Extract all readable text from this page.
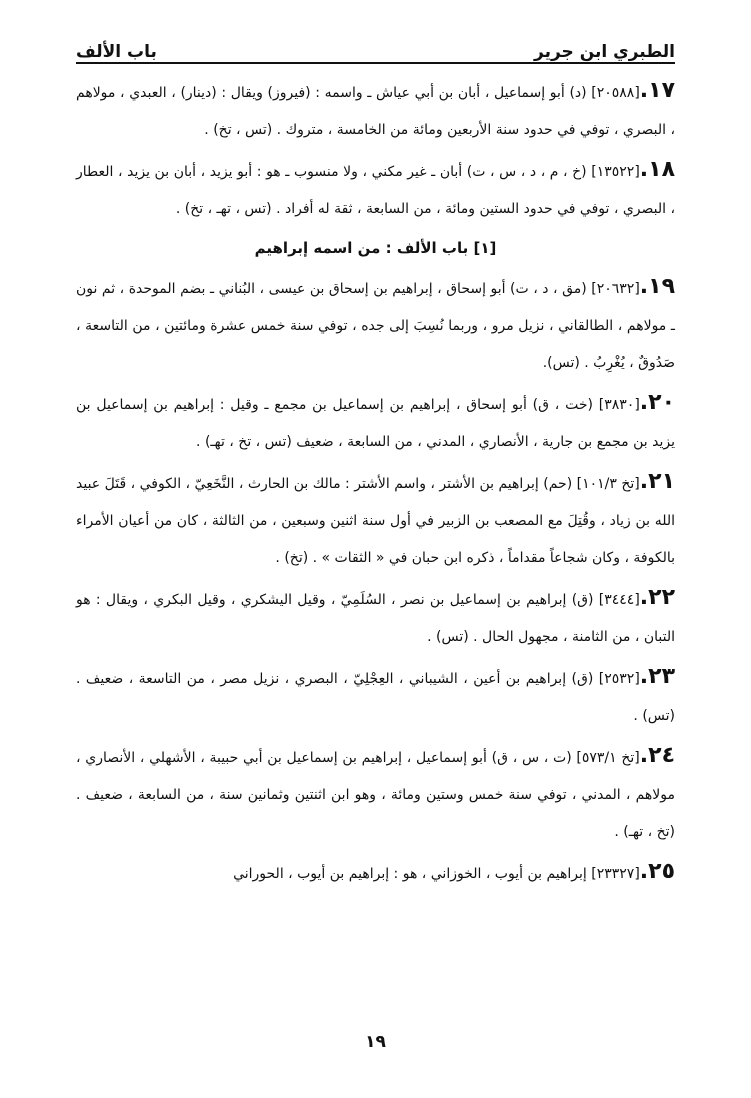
الطبري ابن جرير
باب الألف

١٧.[٢٠٥٨٨] (د) أبو إسماعيل ، أبان بن أبي عياش ـ واسمه : (فيروز) ويقال : (دينار) ، العبدي ، مولاهم ، البصري ، توفي في حدود سنة الأربعين ومائة من الخامسة ، متروك . (تس ، تخ) .

١٨.[١٣٥٢٢] (خ ، م ، د ، س ، ت) أبان ـ غير مكني ، ولا منسوب ـ هو : أبو يزيد ، أبان بن يزيد ، العطار ، البصري ، توفي في حدود الستين ومائة ، من السابعة ، ثقة له أفراد . (تس ، تهـ ، تخ) .

[١] باب الألف : من اسمه إبراهيم

١٩.[٢٠٦٣٢] (مق ، د ، ت) أبو إسحاق ، إبراهيم بن إسحاق بن عيسى ، البُناني ـ بضم الموحدة ، ثم نون ـ مولاهم ، الطالقاني ، نزيل مرو ، وربما نُسِبَ إلى جده ، توفي سنة خمس عشرة ومائتين ، من التاسعة ، صَدُوقٌ ، يُغْرِبُ . (تس).

٢٠.[٣٨٣٠] (خت ، ق) أبو إسحاق ، إبراهيم بن إسماعيل بن مجمع ـ وقيل : إبراهيم بن إسماعيل بن يزيد بن مجمع بن جارية ، الأنصاري ، المدني ، من السابعة ، ضعيف (تس ، تخ ، تهـ) .

٢١.[تخ ١٠١/٣] (حم) إبراهيم بن الأشتر ، واسم الأشتر : مالك بن الحارث ، النَّخَعِيّ ، الكوفي ، قَتَلَ عبيد الله بن زياد ، وقُتِلَ مع المصعب بن الزبير في أول سنة اثنين وسبعين ، من الثالثة ، كان من أعيان الأمراء بالكوفة ، وكان شجاعاً مقداماً ، ذكره ابن حبان في « الثقات » . (تخ) .

٢٢.[٣٤٤٤] (ق) إبراهيم بن إسماعيل بن نصر ، السُلَمِيّ ، وقيل اليشكري ، وقيل البكري ، ويقال : هو التبان ، من الثامنة ، مجهول الحال . (تس) .

٢٣.[٢٥٣٢] (ق) إبراهيم بن أعين ، الشيباني ، العِجْلِيّ ، البصري ، نزيل مصر ، من التاسعة ، ضعيف . (تس) .

٢٤.[تخ ٥٧٣/١] (ت ، س ، ق) أبو إسماعيل ، إبراهيم بن إسماعيل بن أبي حبيبة ، الأشهلي ، الأنصاري ، مولاهم ، المدني ، توفي سنة خمس وستين ومائة ، وهو ابن اثنتين وثمانين سنة ، من السابعة ، ضعيف . (تخ ، تهـ) .

٢٥.[٢٣٣٢٧] إبراهيم بن أيوب ، الخوزاني ، هو : إبراهيم بن أيوب ، الحوراني

١٩
